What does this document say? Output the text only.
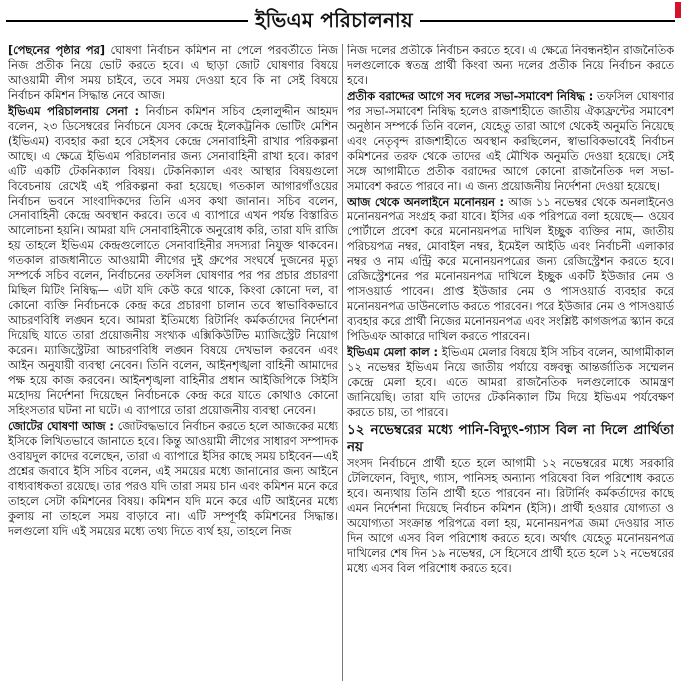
ইভিএম পরিচালনায়

[পেছনের পৃষ্ঠার পর] ঘোষণা নির্বাচন কমিশন না পেলে পরবর্তীতে নিজ নিজ প্রতীক নিয়ে ভোট করতে হবে। এ ছাড়া জোট ঘোষণার বিষয়ে আওয়ামী লীগ সময় চাইবে, তবে সময় দেওয়া হবে কি না সেই বিষয়ে নির্বাচন কমিশন সিদ্ধান্ত নেবে আজ।

ইভিএম পরিচালনায় সেনা : নির্বাচন কমিশন সচিব হেলালুদ্দীন আহমদ বলেন, ২৩ ডিসেম্বরের নির্বাচনে যেসব কেন্দ্রে ইলেকট্রনিক ভোটিং মেশিন (ইভিএম) ব্যবহার করা হবে সেইসব কেন্দ্রে সেনাবাহিনী রাখার পরিকল্পনা আছে। এ ক্ষেত্রে ইভিএম পরিচালনার জন্য সেনাবাহিনী রাখা হবে। কারণ এটি একটি টেকনিক্যাল বিষয়। টেকনিক্যাল এবং আস্থার বিষয়গুলো বিবেচনায় রেখেই এই পরিকল্পনা করা হয়েছে। গতকাল আগারগাঁওয়ের নির্বাচন ভবনে সাংবাদিকদের তিনি এসব কথা জানান। সচিব বলেন, সেনাবাহিনী কেন্দ্রে অবস্থান করবে। তবে এ ব্যাপারে এখন পর্যন্ত বিস্তারিত আলোচনা হয়নি। আমরা যদি সেনাবাহিনীকে অনুরোধ করি, তারা যদি রাজি হয় তাহলে ইভিএম কেন্দ্রগুলোতে সেনাবাহিনীর সদস্যরা নিযুক্ত থাকবেন। গতকাল রাজধানীতে আওয়ামী লীগের দুই গ্রুপের সংঘর্ষে দুজনের মৃত্যু সম্পর্কে সচিব বলেন, নির্বাচনের তফসিল ঘোষণার পর পর প্রচার প্রচারণা মিছিল মিটিং নিষিদ্ধ— এটা যদি কেউ করে থাকে, কিংবা কোনো দল, বা কোনো ব্যক্তি নির্বাচনকে কেন্দ্র করে প্রচারণা চালান তবে স্বাভাবিকভাবে আচরণবিধি লঙ্ঘন হবে। আমরা ইতিমধ্যে রিটার্নিং কর্মকর্তাদের নির্দেশনা দিয়েছি যাতে তারা প্রয়োজনীয় সংখ্যক এক্সিকিউটিভ ম্যাজিস্ট্রেট নিয়োগ করেন। ম্যাজিস্ট্রেটরা আচরণবিধি লঙ্ঘন বিষয়ে দেখভাল করবেন এবং আইন অনুযায়ী ব্যবস্থা নেবেন। তিনি বলেন, আইনশৃঙ্খলা বাহিনী আমাদের পক্ষ হয়ে কাজ করবেন। আইনশৃঙ্খলা বাহিনীর প্রধান আইজিপিকে সিইসি মহোদয় নির্দেশনা দিয়েছেন নির্বাচনকে কেন্দ্র করে যাতে কোথাও কোনো সহিংসতার ঘটনা না ঘটে। এ ব্যাপারে তারা প্রয়োজনীয় ব্যবস্থা নেবেন।

জোটের ঘোষণা আজ : জোটবদ্ধভাবে নির্বাচন করতে হলে আজকের মধ্যে ইসিকে লিখিতভাবে জানাতে হবে। কিন্তু আওয়ামী লীগের সাধারণ সম্পাদক ওবায়দুল কাদের বলেছেন, তারা এ ব্যাপারে ইসির কাছে সময় চাইবেন—এই প্রশ্নের জবাবে ইসি সচিব বলেন, এই সময়ের মধ্যে জানানোর জন্য আইনে বাধ্যবাধকতা রয়েছে। তার পরও যদি তারা সময় চান এবং কমিশন মনে করে তাহলে সেটা কমিশনের বিষয়। কমিশন যদি মনে করে এটি আইনের মধ্যে কুলায় না তাহলে সময় বাড়াবে না। এটি সম্পূর্ণই কমিশনের সিদ্ধান্ত। দলগুলো যদি এই সময়ের মধ্যে তথ্য দিতে ব্যর্থ হয়, তাহলে নিজ

নিজ দলের প্রতীকে নির্বাচন করতে হবে। এ ক্ষেত্রে নিবন্ধনহীন রাজনৈতিক দলগুলোকে স্বতন্ত্র প্রার্থী কিংবা অন্য দলের প্রতীক নিয়ে নির্বাচন করতে হবে।

প্রতীক বরাদ্দের আগে সব দলের সভা-সমাবেশ নিষিদ্ধ : তফসিল ঘোষণার পর সভা-সমাবেশ নিষিদ্ধ হলেও রাজশাহীতে জাতীয় ঐক্যফ্রন্টের সমাবেশ অনুষ্ঠান সম্পর্কে তিনি বলেন, যেহেতু তারা আগে থেকেই অনুমতি নিয়েছে এবং নেতৃবৃন্দ রাজশাহীতে অবস্থান করছিলেন, স্বাভাবিকভাবেই নির্বাচন কমিশনের তরফ থেকে তাদের এই মৌখিক অনুমতি দেওয়া হয়েছে। সেই সঙ্গে আগামীতে প্রতীক বরাদ্দের আগে কোনো রাজনৈতিক দল সভা-সমাবেশ করতে পারবে না। এ জন্য প্রয়োজনীয় নির্দেশনা দেওয়া হয়েছে।

আজ থেকে অনলাইনে মনোনয়ন : আজ ১১ নভেম্বর থেকে অনলাইনেও মনোনয়নপত্র সংগ্রহ করা যাবে। ইসির এক পরিপত্রে বলা হয়েছে— ওয়েব পোর্টালে প্রবেশ করে মনোনয়নপত্র দাখিল ইচ্ছুক ব্যক্তির নাম, জাতীয় পরিচয়পত্র নম্বর, মোবাইল নম্বর, ইমেইল আইডি এবং নির্বাচনী এলাকার নম্বর ও নাম এন্ট্রি করে মনোনয়নপত্রের জন্য রেজিস্ট্রেশন করতে হবে। রেজিস্ট্রেশনের পর মনোনয়নপত্র দাখিলে ইচ্ছুক একটি ইউজার নেম ও পাসওয়ার্ড পাবেন। প্রাপ্ত ইউজার নেম ও পাসওয়ার্ড ব্যবহার করে মনোনয়নপত্র ডাউনলোড করতে পারবেন। পরে ইউজার নেম ও পাসওয়ার্ড ব্যবহার করে প্রার্থী নিজের মনোনয়নপত্র এবং সংশ্লিষ্ট কাগজপত্র স্ক্যান করে পিডিএফ আকারে দাখিল করতে পারবেন।

ইভিএম মেলা কাল : ইভিএম মেলার বিষয়ে ইসি সচিব বলেন, আগামীকাল ১২ নভেম্বর ইভিএম নিয়ে জাতীয় পর্যায়ে বঙ্গবন্ধু আন্তর্জাতিক সম্মেলন কেন্দ্রে মেলা হবে। এতে আমরা রাজনৈতিক দলগুলোকে আমন্ত্রণ জানিয়েছি। তারা যদি তাদের টেকনিক্যাল টিম দিয়ে ইভিএম পর্যবেক্ষণ করতে চায়, তা পারবে।

১২ নভেম্বরের মধ্যে পানি-বিদ্যুৎ-গ্যাস বিল না দিলে প্রার্থিতা নয়

সংসদ নির্বাচনে প্রার্থী হতে হলে আগামী ১২ নভেম্বরের মধ্যে সরকারি টেলিফোন, বিদ্যুৎ, গ্যাস, পানিসহ অন্যান্য পরিষেবা বিল পরিশোধ করতে হবে। অন্যথায় তিনি প্রার্থী হতে পারবেন না। রিটার্নিং কর্মকর্তাদের কাছে এমন নির্দেশনা দিয়েছে নির্বাচন কমিশন (ইসি)। প্রার্থী হওয়ার যোগ্যতা ও অযোগ্যতা সংক্রান্ত পরিপত্রে বলা হয়, মনোনয়নপত্র জমা দেওয়ার সাত দিন আগে এসব বিল পরিশোধ করতে হবে। অর্থাৎ যেহেতু মনোনয়নপত্র দাখিলের শেষ দিন ১৯ নভেম্বর, সে হিসেবে প্রার্থী হতে হলে ১২ নভেম্বরের মধ্যে এসব বিল পরিশোধ করতে হবে।
